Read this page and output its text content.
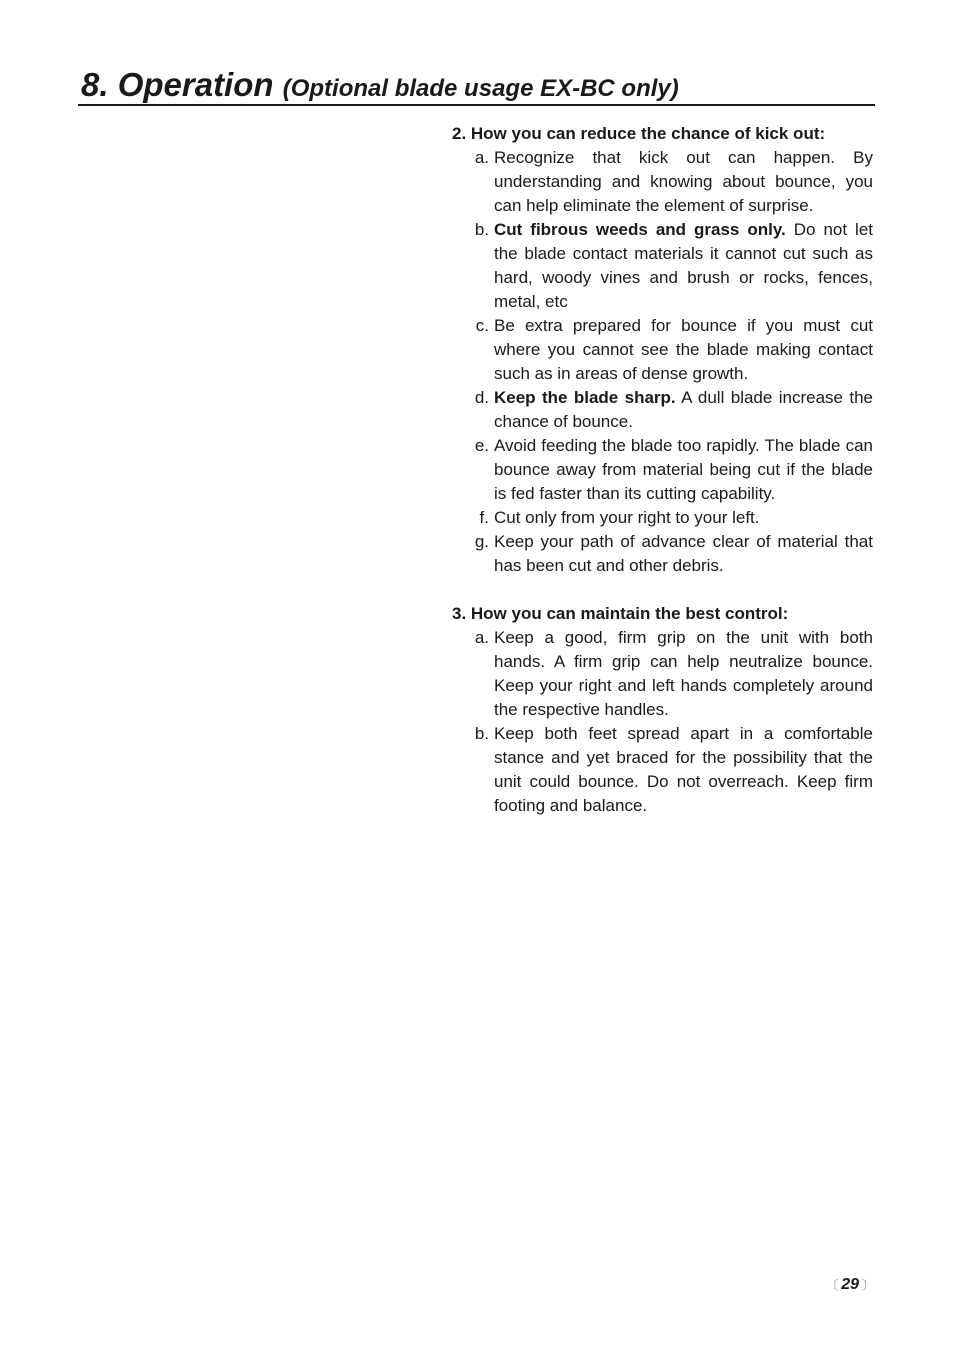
8. Operation (Optional blade usage EX-BC only)

2. How you can reduce the chance of kick out:

a. Recognize that kick out can happen. By understanding and knowing about bounce, you can help eliminate the element of surprise.
b. Cut fibrous weeds and grass only. Do not let the blade contact materials it cannot cut such as hard, woody vines and brush or rocks, fences, metal, etc
c. Be extra prepared for bounce if you must cut where you cannot see the blade making contact such as in areas of dense growth.
d. Keep the blade sharp. A dull blade increase the chance of bounce.
e. Avoid feeding the blade too rapidly. The blade can bounce away from material being cut if the blade is fed faster than its cutting capability.
f. Cut only from your right to your left.
g. Keep your path of advance clear of material that has been cut and other debris.

3. How you can maintain the best control:

a. Keep a good, firm grip on the unit with both hands. A firm grip can help neutralize bounce. Keep your right and left hands completely around the respective handles.
b. Keep both feet spread apart in a comfortable stance and yet braced for the possibility that the unit could bounce. Do not overreach. Keep firm footing and balance.
〔 29 〕
